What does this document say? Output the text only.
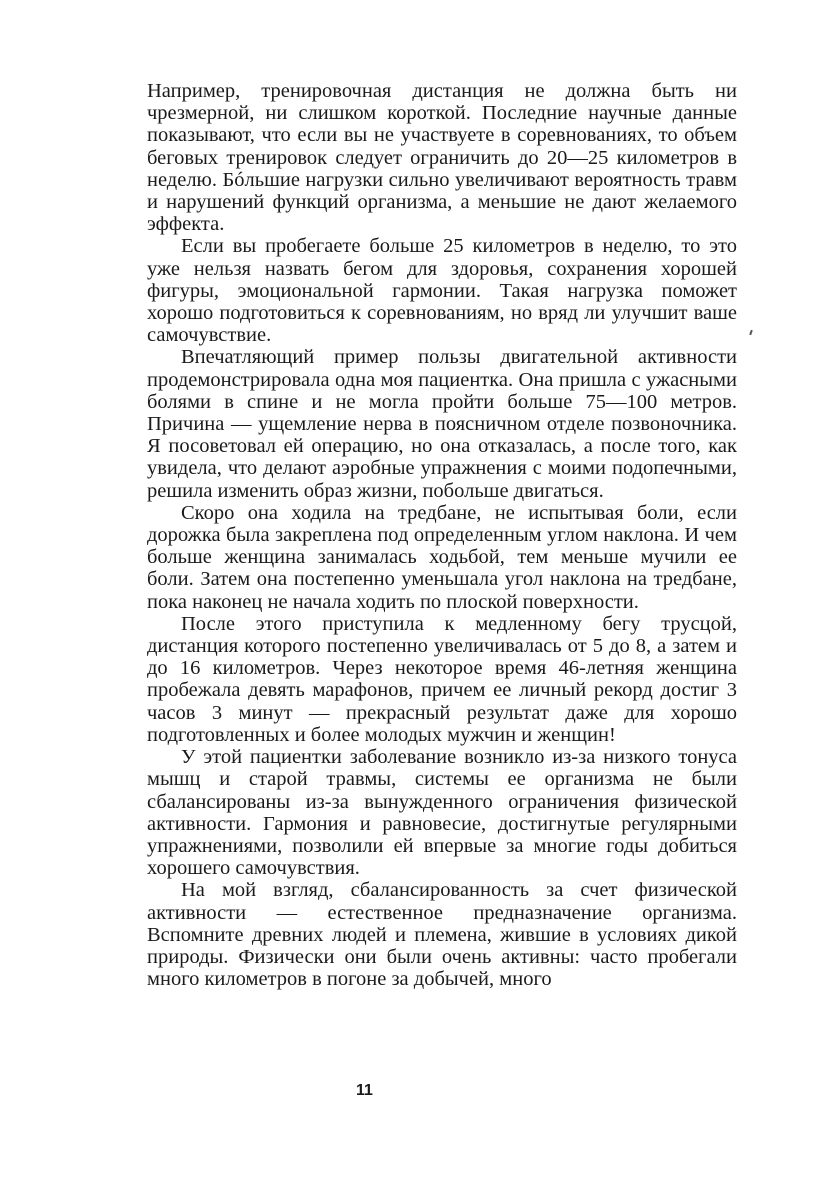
Например, тренировочная дистанция не должна быть ни чрезмерной, ни слишком короткой. Последние научные данные показывают, что если вы не участвуете в соревнованиях, то объем беговых тренировок следует ограничить до 20—25 километров в неделю. Бóльшие нагрузки сильно увеличивают вероятность травм и нарушений функций организма, а меньшие не дают желаемого эффекта.

Если вы пробегаете больше 25 километров в неделю, то это уже нельзя назвать бегом для здоровья, сохранения хорошей фигуры, эмоциональной гармонии. Такая нагрузка поможет хорошо подготовиться к соревнованиям, но вряд ли улучшит ваше самочувствие.

Впечатляющий пример пользы двигательной активности продемонстрировала одна моя пациентка. Она пришла с ужасными болями в спине и не могла пройти больше 75—100 метров. Причина — ущемление нерва в поясничном отделе позвоночника. Я посоветовал ей операцию, но она отказалась, а после того, как увидела, что делают аэробные упражнения с моими подопечными, решила изменить образ жизни, побольше двигаться.

Скоро она ходила на тредбане, не испытывая боли, если дорожка была закреплена под определенным углом наклона. И чем больше женщина занималась ходьбой, тем меньше мучили ее боли. Затем она постепенно уменьшала угол наклона на тредбане, пока наконец не начала ходить по плоской поверхности.

После этого приступила к медленному бегу трусцой, дистанция которого постепенно увеличивалась от 5 до 8, а затем и до 16 километров. Через некоторое время 46-летняя женщина пробежала девять марафонов, причем ее личный рекорд достиг 3 часов 3 минут — прекрасный результат даже для хорошо подготовленных и более молодых мужчин и женщин!

У этой пациентки заболевание возникло из-за низкого тонуса мышц и старой травмы, системы ее организма не были сбалансированы из-за вынужденного ограничения физической активности. Гармония и равновесие, достигнутые регулярными упражнениями, позволили ей впервые за многие годы добиться хорошего самочувствия.

На мой взгляд, сбалансированность за счет физической активности — естественное предназначение организма. Вспомните древних людей и племена, жившие в условиях дикой природы. Физически они были очень активны: часто пробегали много километров в погоне за добычей, много

11
